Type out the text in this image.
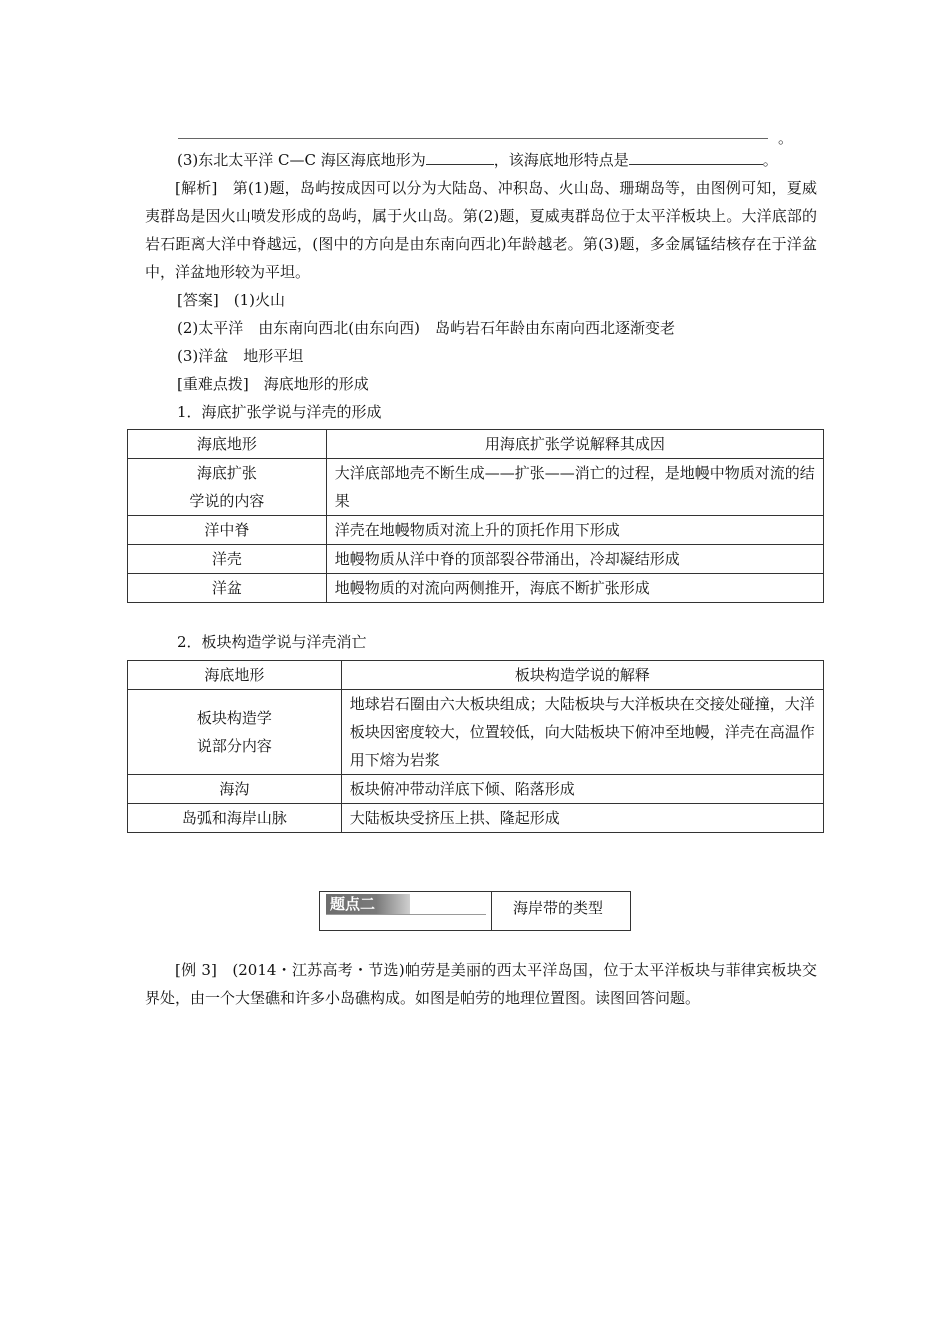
。

(3)东北太平洋 C—C 海区海底地形为	，该海底地形特点是	。

[解析]　 第(1)题，岛屿按成因可以分为大陆岛、冲积岛、火山岛、珊瑚岛等，由图例可知，夏威夷群岛是因火山喷发形成的岛屿，属于火山岛。第(2)题，夏威夷群岛位于太平洋板块上。大洋底部的岩石距离大洋中脊越远，(图中的方向是由东南向西北)年龄越老。第(3)题，多金属锰结核存在于洋盆中，洋盆地形较为平坦。

[答案]　 (1)火山

(2)太平洋　由东南向西北(由东向西)　岛屿岩石年龄由东南向西北逐渐变老

(3)洋盆　地形平坦

[重难点拨]　 海底地形的形成

1．海底扩张学说与洋壳的形成

海底地形	用海底扩张学说解释其成因
海底扩张
学说的内容	大洋底部地壳不断生成——扩张——消亡的过程，是地幔中物质对流的结果
洋中脊	洋壳在地幔物质对流上升的顶托作用下形成
洋壳	地幔物质从洋中脊的顶部裂谷带涌出，冷却凝结形成
洋盆	地幔物质的对流向两侧推开，海底不断扩张形成

2．板块构造学说与洋壳消亡

海底地形	板块构造学说的解释
板块构造学
说部分内容	地球岩石圈由六大板块组成；大陆板块与大洋板块在交接处碰撞，大洋板块因密度较大，位置较低，向大陆板块下俯冲至地幔，洋壳在高温作用下熔为岩浆
海沟	板块俯冲带动洋底下倾、陷落形成
岛弧和海岸山脉	大陆板块受挤压上拱、隆起形成
题点二	海岸带的类型

[例 3]　 (2014・江苏高考・节选)帕劳是美丽的西太平洋岛国，位于太平洋板块与菲律宾板块交界处，由一个大堡礁和许多小岛礁构成。如图是帕劳的地理位置图。读图回答问题。
